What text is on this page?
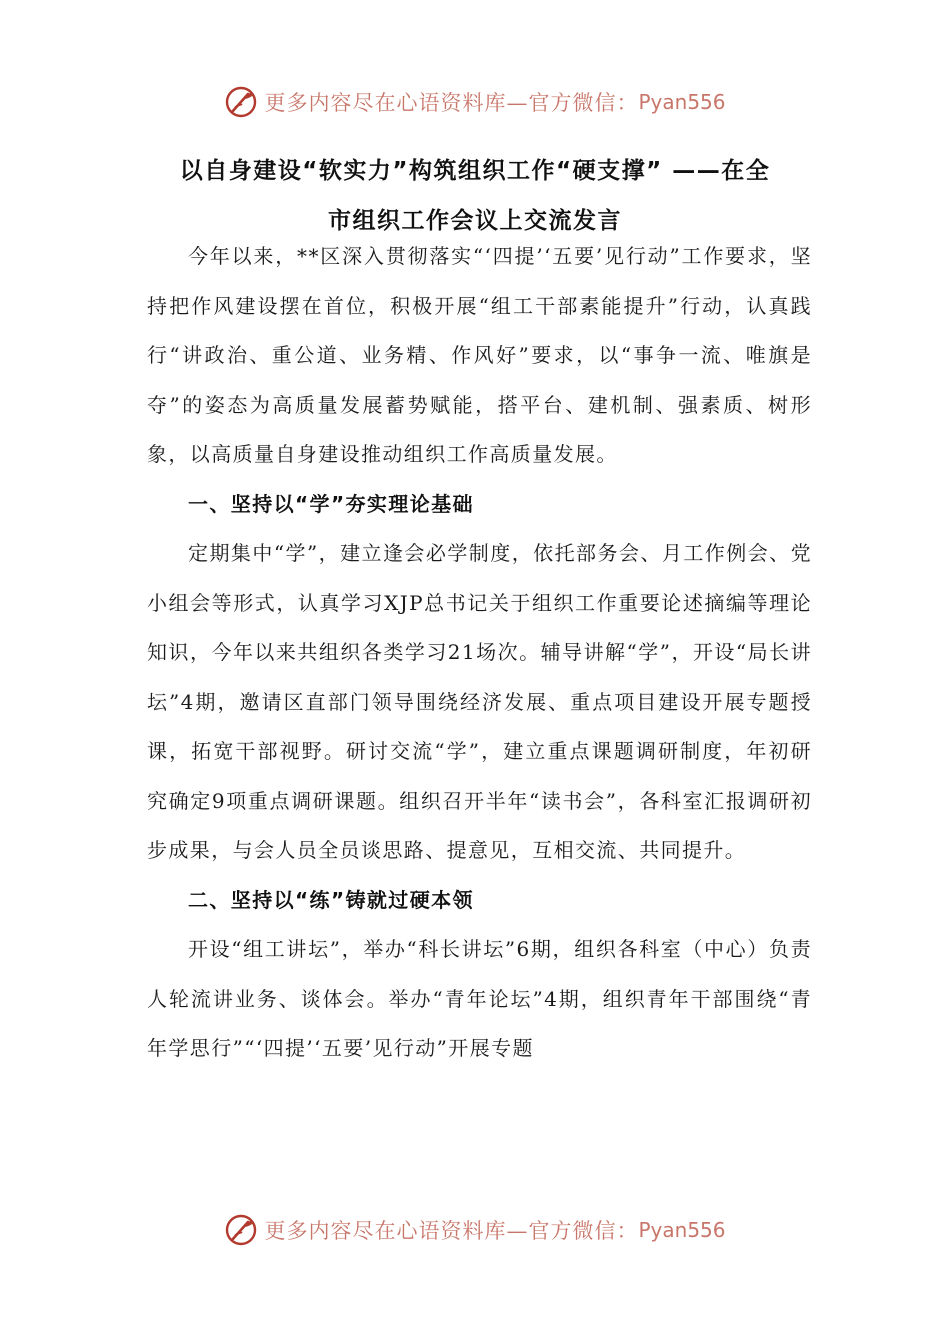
更多内容尽在心语资料库—官方微信： Pyan556
以自身建设“软实力”构筑组织工作“硬支撑” ——在全
市组织工作会议上交流发言

今年以来，**区深入贯彻落实“‘四提’‘五要’见行动”工作要求，坚持把作风建设摆在首位，积极开展“组工干部素能提升”行动，认真践行“讲政治、重公道、业务精、作风好”要求，以“事争一流、唯旗是夺”的姿态为高质量发展蓄势赋能，搭平台、建机制、强素质、树形象，以高质量自身建设推动组织工作高质量发展。

一、坚持以“学”夯实理论基础

定期集中“学”，建立逢会必学制度，依托部务会、月工作例会、党小组会等形式，认真学习XJP总书记关于组织工作重要论述摘编等理论知识，今年以来共组织各类学习21场次。辅导讲解“学”，开设“局长讲坛”4期，邀请区直部门领导围绕经济发展、重点项目建设开展专题授课，拓宽干部视野。研讨交流“学”，建立重点课题调研制度，年初研究确定9项重点调研课题。组织召开半年“读书会”，各科室汇报调研初步成果，与会人员全员谈思路、提意见，互相交流、共同提升。

二、坚持以“练”铸就过硬本领

开设“组工讲坛”，举办“科长讲坛”6期，组织各科室（中心）负责人轮流讲业务、谈体会。举办“青年论坛”4期，组织青年干部围绕“青年学思行”“‘四提’‘五要’见行动”开展专题

更多内容尽在心语资料库—官方微信： Pyan556
